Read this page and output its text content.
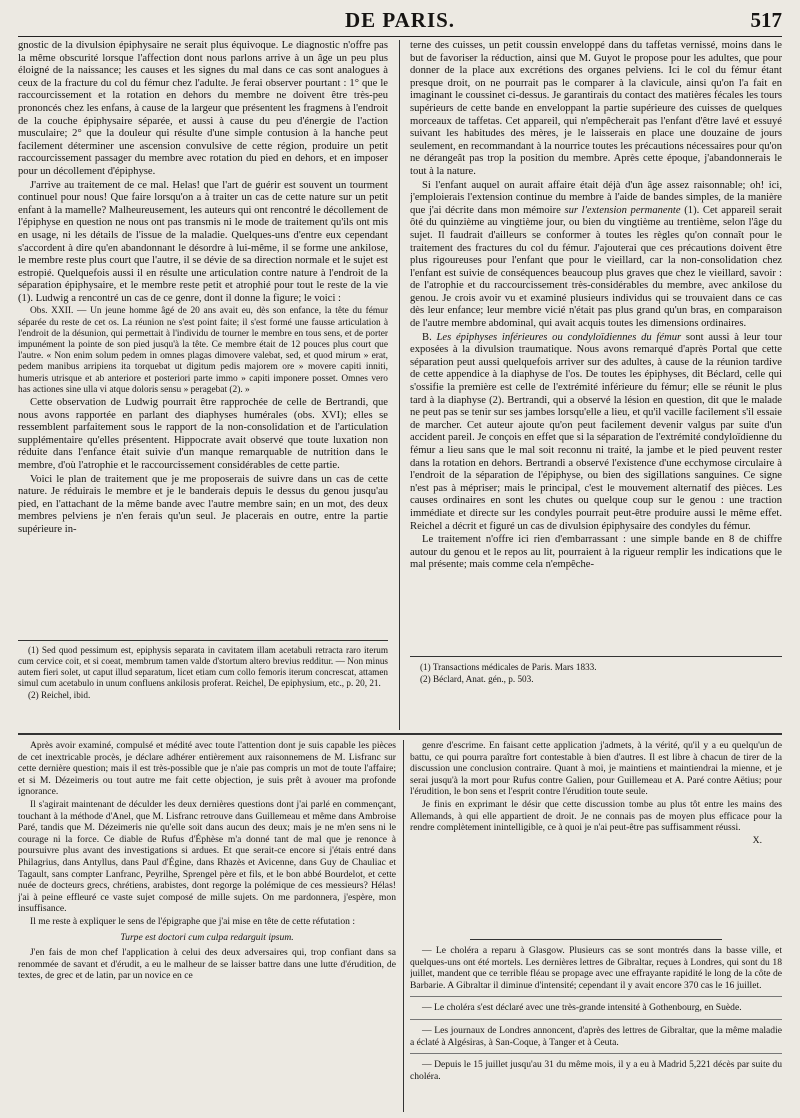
DE PARIS.	517

gnostic de la divulsion épiphysaire ne serait plus équivoque. Le diagnostic n'offre pas la même obscurité lorsque l'affection dont nous parlons arrive à un âge un peu plus éloigné de la naissance; les causes et les signes du mal dans ce cas sont analogues à ceux de la fracture du col du fémur chez l'adulte. Je ferai observer pourtant : 1° que le raccourcissement et la rotation en dehors du membre ne doivent être très-peu prononcés chez les enfans, à cause de la largeur que présentent les fragmens à l'endroit de la couche épiphysaire séparée, et aussi à cause du peu d'énergie de l'action musculaire; 2° que la douleur qui résulte d'une simple contusion à la hanche peut facilement déterminer une ascension convulsive de cette région, produire un petit raccourcissement passager du membre avec rotation du pied en dehors, et en imposer pour un décollement d'épiphyse.

J'arrive au traitement de ce mal. Helas! que l'art de guérir est souvent un tourment continuel pour nous! Que faire lorsqu'on a à traiter un cas de cette nature sur un petit enfant à la mamelle? Malheureusement, les auteurs qui ont rencontré le décollement de l'épiphyse en question ne nous ont pas transmis ni le mode de traitement qu'ils ont mis en usage, ni les détails de l'issue de la maladie. Quelques-uns d'entre eux cependant s'accordent à dire qu'en abandonnant le désordre à lui-même, il se forme une ankilose, le membre reste plus court que l'autre, il se dévie de sa direction normale et le sujet est estropié. Quelquefois aussi il en résulte une articulation contre nature à l'endroit de la séparation épiphysaire, et le membre reste petit et atrophié pour tout le reste de la vie (1). Ludwig a rencontré un cas de ce genre, dont il donne la figure; le voici :

Obs. XXII. — Un jeune homme âgé de 20 ans avait eu, dès son enfance, la tête du fémur séparée du reste de cet os. La réunion ne s'est point faite; il s'est formé une fausse articulation à l'endroit de la désunion, qui permettait à l'individu de tourner le membre en tous sens, et de porter impunément la pointe de son pied jusqu'à la tête. Ce membre était de 12 pouces plus court que l'autre. « Non enim solum pedem in omnes plagas dimovere valebat, sed, et quod mirum » erat, pedem manibus arripiens ita torquebat ut digitum pedis majorem ore » movere capiti inniti, humeris utrisque et ab anteriore et posteriori parte immo » capiti imponere posset. Omnes vero has actiones sine ulla vi atque doloris sensu » peragebat (2). »

Cette observation de Ludwig pourrait être rapprochée de celle de Bertrandi, que nous avons rapportée en parlant des diaphyses humérales (obs. XVI); elles se ressemblent parfaitement sous le rapport de la non-consolidation et de l'articulation supplémentaire qu'elles présentent. Hippocrate avait observé que toute luxation non réduite dans l'enfance était suivie d'un manque remarquable de nutrition dans le membre, d'où l'atrophie et le raccourcissement considérables de cette partie.

Voici le plan de traitement que je me proposerais de suivre dans un cas de cette nature. Je réduirais le membre et je le banderais depuis le dessus du genou jusqu'au pied, en l'attachant de la même bande avec l'autre membre sain; en un mot, des deux membres pelviens je n'en ferais qu'un seul. Je placerais en outre, entre la partie supérieure in-

(1) Sed quod pessimum est, epiphysis separata in cavitatem illam acetabuli retracta raro iterum cum cervice coit, et si coeat, membrum tamen valde d'stortum altero brevius redditur. — Non minus autem fieri solet, ut caput illud separatum, licet etiam cum collo femoris iterum concrescat, attamen simul cum acetabulo in unum confluens ankilosis proferat. Reichel, De epiphysium, etc., p. 20, 21.

(2) Reichel, ibid.

terne des cuisses, un petit coussin enveloppé dans du taffetas vernissé, moins dans le but de favoriser la réduction, ainsi que M. Guyot le propose pour les adultes, que pour donner de la place aux excrétions des organes pelviens. Ici le col du fémur étant presque droit, on ne pourrait pas le comparer à la clavicule, ainsi qu'on l'a fait en imaginant le coussinet ci-dessus. Je garantirais du contact des matières fécales les tours supérieurs de cette bande en enveloppant la partie supérieure des cuisses de quelques morceaux de taffetas. Cet appareil, qui n'empêcherait pas l'enfant d'être lavé et essuyé suivant les habitudes des mères, je le laisserais en place une douzaine de jours seulement, en recommandant à la nourrice toutes les précautions nécessaires pour qu'on ne dérangeât pas trop la position du membre. Après cette époque, j'abandonnerais le tout à la nature.

Si l'enfant auquel on aurait affaire était déjà d'un âge assez raisonnable; oh! ici, j'emploierais l'extension continue du membre à l'aide de bandes simples, de la manière que j'ai décrite dans mon mémoire sur l'extension permanente (1). Cet appareil serait ôté du quinzième au vingtième jour, ou bien du vingtième au trentième, selon l'âge du sujet. Il faudrait d'ailleurs se conformer à toutes les règles qu'on connaît pour le traitement des fractures du col du fémur. J'ajouterai que ces précautions doivent être plus rigoureuses pour l'enfant que pour le vieillard, car la non-consolidation chez l'enfant est suivie de conséquences beaucoup plus graves que chez le vieillard, savoir : de l'atrophie et du raccourcissement très-considérables du membre, avec ankilose du genou. Je crois avoir vu et examiné plusieurs individus qui se trouvaient dans ce cas dès leur enfance; leur membre vicié n'était pas plus grand qu'un bras, en comparaison de l'autre membre abdominal, qui avait acquis toutes les dimensions ordinaires.

B. Les épiphyses inférieures ou condyloïdiennes du fémur sont aussi à leur tour exposées à la divulsion traumatique. Nous avons remarqué d'après Portal que cette séparation peut aussi quelquefois arriver sur des adultes, à cause de la réunion tardive de cette appendice à la diaphyse de l'os. De toutes les épiphyses, dit Béclard, celle qui s'ossifie la première est celle de l'extrémité inférieure du fémur; elle se réunit le plus tard à la diaphyse (2). Bertrandi, qui a observé la lésion en question, dit que le malade ne peut pas se tenir sur ses jambes lorsqu'elle a lieu, et qu'il vacille facilement s'il essaie de marcher. Cet auteur ajoute qu'on peut facilement devenir valgus par suite d'un accident pareil. Je conçois en effet que si la séparation de l'extrémité condyloïdienne du fémur a lieu sans que le mal soit reconnu ni traité, la jambe et le pied peuvent rester dans la rotation en dehors. Bertrandi a observé l'existence d'une ecchymose circulaire à l'endroit de la séparation de l'épiphyse, ou bien des sigillations sanguines. Ce signe n'est pas à mépriser; mais le principal, c'est le mouvement alternatif des pièces. Les causes ordinaires en sont les chutes ou quelque coup sur le genou : une traction immédiate et directe sur les condyles pourrait peut-être produire aussi le même effet. Reichel a décrit et figuré un cas de divulsion épiphysaire des condyles du fémur.

Le traitement n'offre ici rien d'embarrassant : une simple bande en 8 de chiffre autour du genou et le repos au lit, pourraient à la rigueur remplir les indications que le mal présente; mais comme cela n'empêche-

(1) Transactions médicales de Paris. Mars 1833.

(2) Béclard, Anat. gén., p. 503.

Après avoir examiné, compulsé et médité avec toute l'attention dont je suis capable les pièces de cet inextricable procès, je déclare adhérer entièrement aux raisonnemens de M. Lisfranc sur cette dernière question; mais il est très-possible que je n'aie pas compris un mot de toute l'affaire; et si M. Dézeimeris ou tout autre me fait cette objection, je suis prêt à avouer ma profonde ignorance.

Il s'agirait maintenant de déculder les deux dernières questions dont j'ai parlé en commençant, touchant à la méthode d'Anel, que M. Lisfranc retrouve dans Guillemeau et même dans Ambroise Paré, tandis que M. Dézeimeris nie qu'elle soit dans aucun des deux; mais je ne m'en sens ni le courage ni la force. Ce diable de Rufus d'Éphèse m'a donné tant de mal que je renonce à poursuivre plus avant des investigations si ardues. Et que serait-ce encore si j'étais entré dans Philagrius, dans Antyllus, dans Paul d'Égine, dans Rhazès et Avicenne, dans Guy de Chauliac et Tagault, sans compter Lanfranc, Peyrilhe, Sprengel père et fils, et le bon abbé Bourdelot, et cette nuée de docteurs grecs, chrétiens, arabistes, dont regorge la polémique de ces messieurs? Hélas! j'ai à peine effleuré ce vaste sujet composé de mille sujets. On me pardonnera, j'espère, mon insuffisance.

Il me reste à expliquer le sens de l'épigraphe que j'ai mise en tête de cette réfutation :

Turpe est doctori cum culpa redarguit ipsum.

J'en fais de mon chef l'application à celui des deux adversaires qui, trop confiant dans sa renommée de savant et d'érudit, a eu le malheur de se laisser battre dans une lutte d'érudition, de textes, de grec et de latin, par un novice en ce

genre d'escrime. En faisant cette application j'admets, à la vérité, qu'il y a eu quelqu'un de battu, ce qui pourra paraître fort contestable à bien d'autres. Il est libre à chacun de tirer de la discussion une conclusion contraire. Quant à moi, je maintiens et maintiendrai la mienne, et je serai jusqu'à la mort pour Rufus contre Galien, pour Guillemeau et A. Paré contre Aëtius; pour l'érudition, le bon sens et l'esprit contre l'érudition toute seule.

Je finis en exprimant le désir que cette discussion tombe au plus tôt entre les mains des Allemands, à qui elle appartient de droit. Je ne connais pas de moyen plus efficace pour la rendre complètement inintelligible, ce à quoi je n'ai peut-être pas suffisamment réussi.

X.

— Le choléra a reparu à Glasgow. Plusieurs cas se sont montrés dans la basse ville, et quelques-uns ont été mortels. Les dernières lettres de Gibraltar, reçues à Londres, qui sont du 18 juillet, mandent que ce terrible fléau se propage avec une effrayante rapidité le long de la côte de Barbarie. A Gibraltar il diminue d'intensité; cependant il y avait encore 370 cas le 16 juillet.

— Le choléra s'est déclaré avec une très-grande intensité à Gothenbourg, en Suède.

— Les journaux de Londres annoncent, d'après des lettres de Gibraltar, que la même maladie a éclaté à Algésiras, à San-Coque, à Tanger et à Ceuta.

— Depuis le 15 juillet jusqu'au 31 du même mois, il y a eu à Madrid 5,221 décès par suite du choléra.
